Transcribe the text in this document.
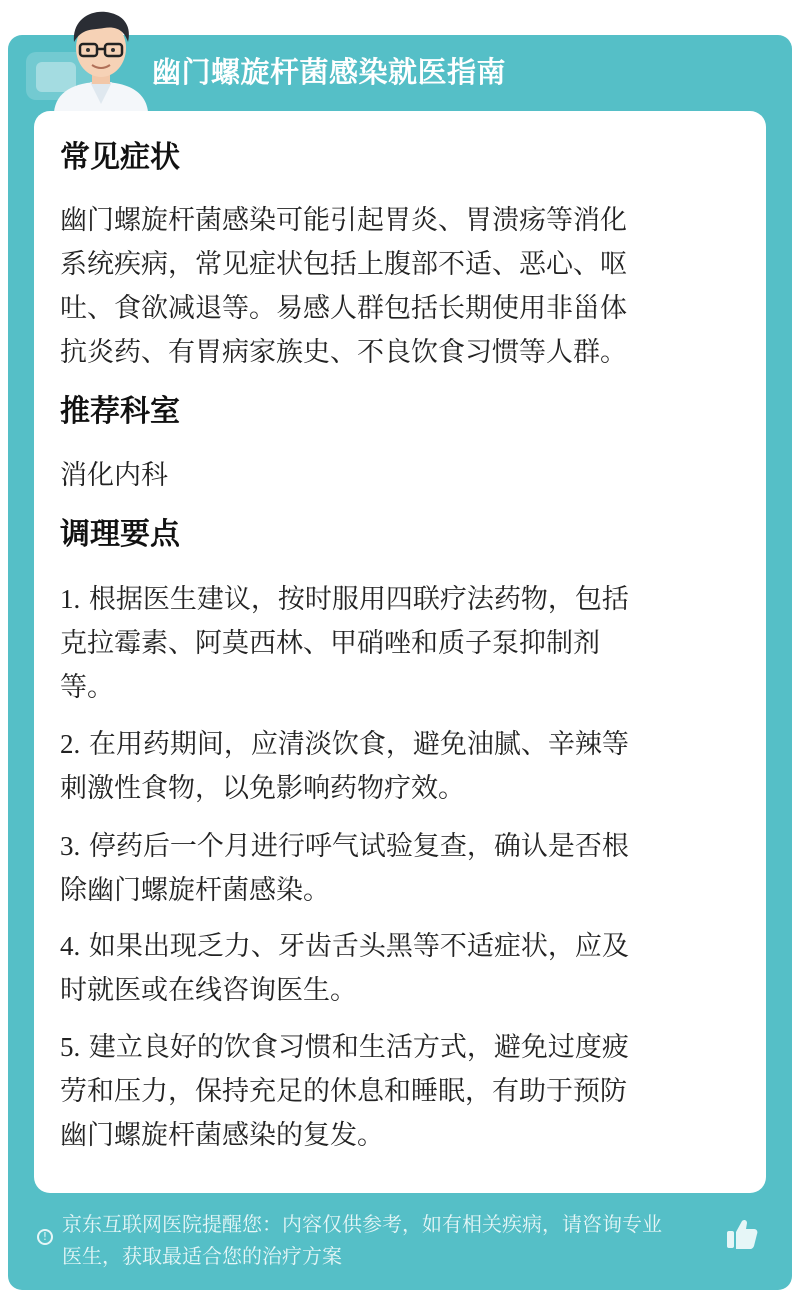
幽门螺旋杆菌感染就医指南
常见症状

幽门螺旋杆菌感染可能引起胃炎、胃溃疡等消化

系统疾病，常见症状包括上腹部不适、恶心、呕

吐、食欲减退等。易感人群包括长期使用非甾体

抗炎药、有胃病家族史、不良饮食习惯等人群。

推荐科室

消化内科

调理要点

1. 根据医生建议，按时服用四联疗法药物，包括

克拉霉素、阿莫西林、甲硝唑和质子泵抑制剂

等。

2. 在用药期间，应清淡饮食，避免油腻、辛辣等

刺激性食物，以免影响药物疗效。

3. 停药后一个月进行呼气试验复查，确认是否根

除幽门螺旋杆菌感染。

4. 如果出现乏力、牙齿舌头黑等不适症状，应及

时就医或在线咨询医生。

5. 建立良好的饮食习惯和生活方式，避免过度疲

劳和压力，保持充足的休息和睡眠，有助于预防

幽门螺旋杆菌感染的复发。

!
京东互联网医院提醒您：内容仅供参考，如有相关疾病，请咨询专业
医生，获取最适合您的治疗方案
